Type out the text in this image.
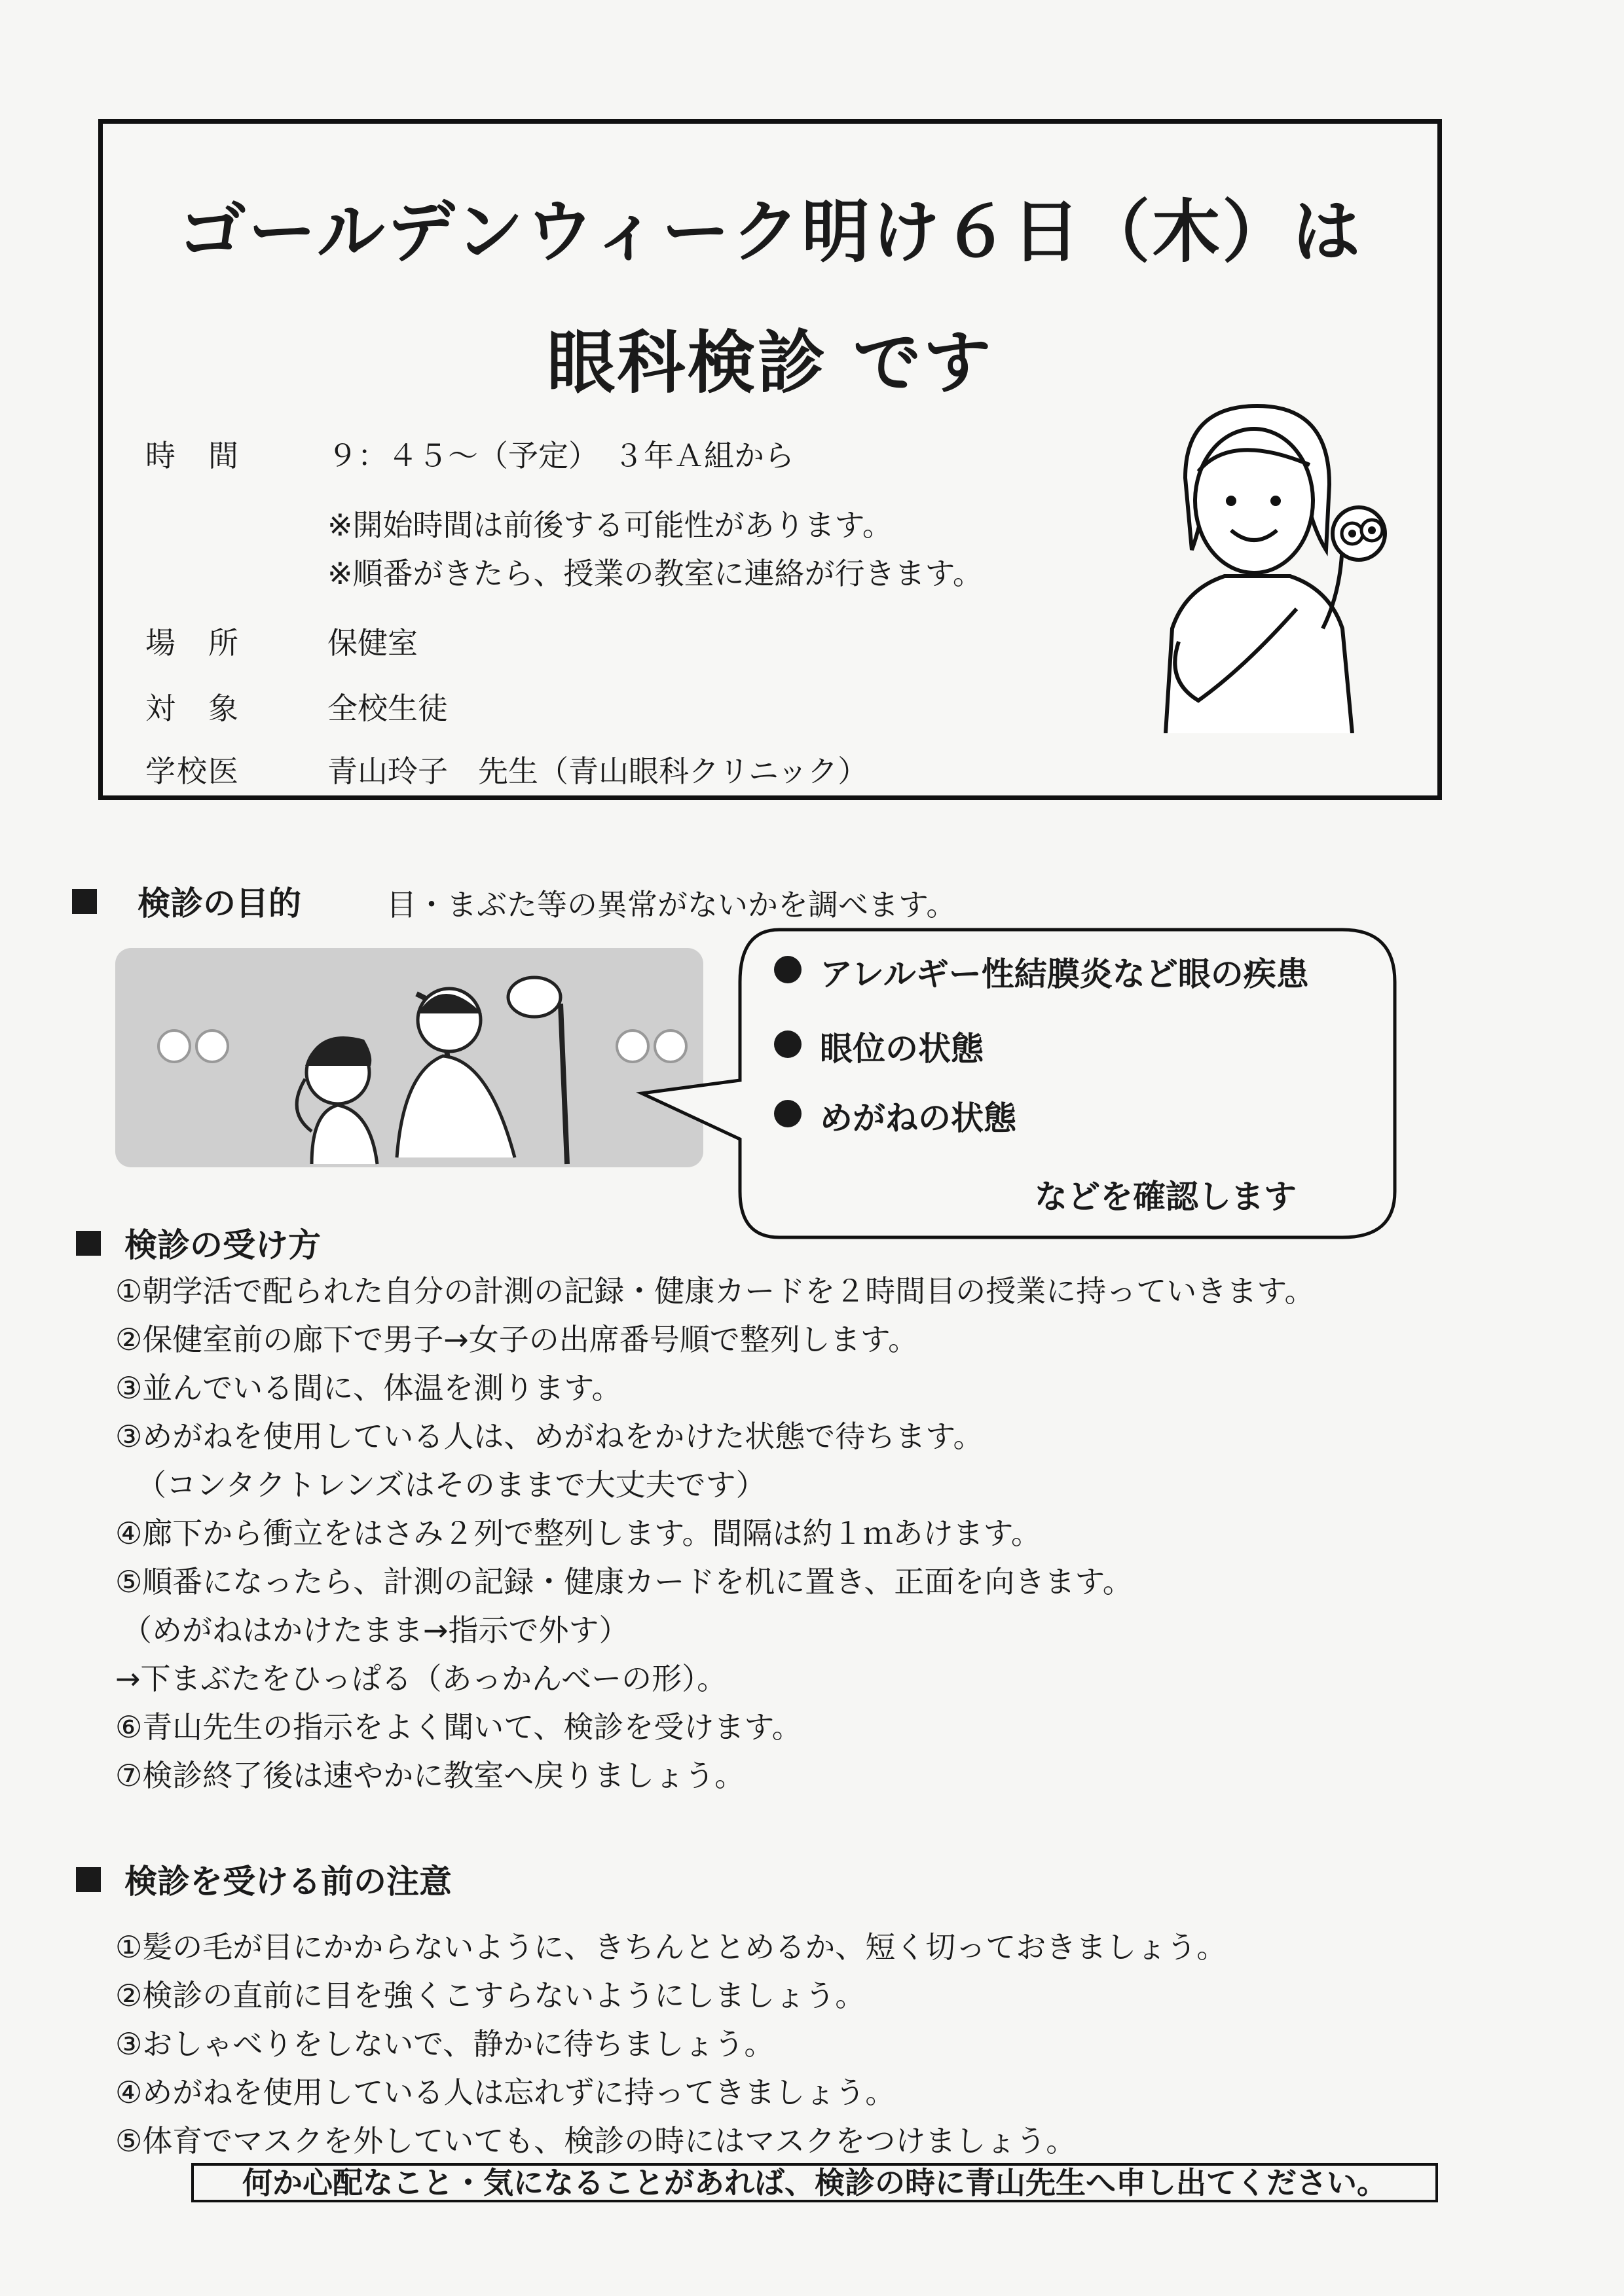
ゴールデンウィーク明け６日（木）は
眼科検診 です
時　間	９：４５～（予定）　３年Ａ組から
※開始時間は前後する可能性があります。
※順番がきたら、授業の教室に連絡が行きます。
場　所	保健室
対　象	全校生徒
学校医	青山玲子　先生（青山眼科クリニック）
検診の目的	目・まぶた等の異常がないかを調べます。
アレルギー性結膜炎など眼の疾患
眼位の状態
めがねの状態
などを確認します
検診の受け方
①朝学活で配られた自分の計測の記録・健康カードを２時間目の授業に持っていきます。
②保健室前の廊下で男子→女子の出席番号順で整列します。
③並んでいる間に、体温を測ります。
③めがねを使用している人は、めがねをかけた状態で待ちます。
（コンタクトレンズはそのままで大丈夫です）
④廊下から衝立をはさみ２列で整列します。間隔は約１ｍあけます。
⑤順番になったら、計測の記録・健康カードを机に置き、正面を向きます。
（めがねはかけたまま→指示で外す）
→下まぶたをひっぱる（あっかんべーの形）。
⑥青山先生の指示をよく聞いて、検診を受けます。
⑦検診終了後は速やかに教室へ戻りましょう。
検診を受ける前の注意
①髪の毛が目にかからないように、きちんととめるか、短く切っておきましょう。
②検診の直前に目を強くこすらないようにしましょう。
③おしゃべりをしないで、静かに待ちましょう。
④めがねを使用している人は忘れずに持ってきましょう。
⑤体育でマスクを外していても、検診の時にはマスクをつけましょう。
何か心配なこと・気になることがあれば、検診の時に青山先生へ申し出てください。
